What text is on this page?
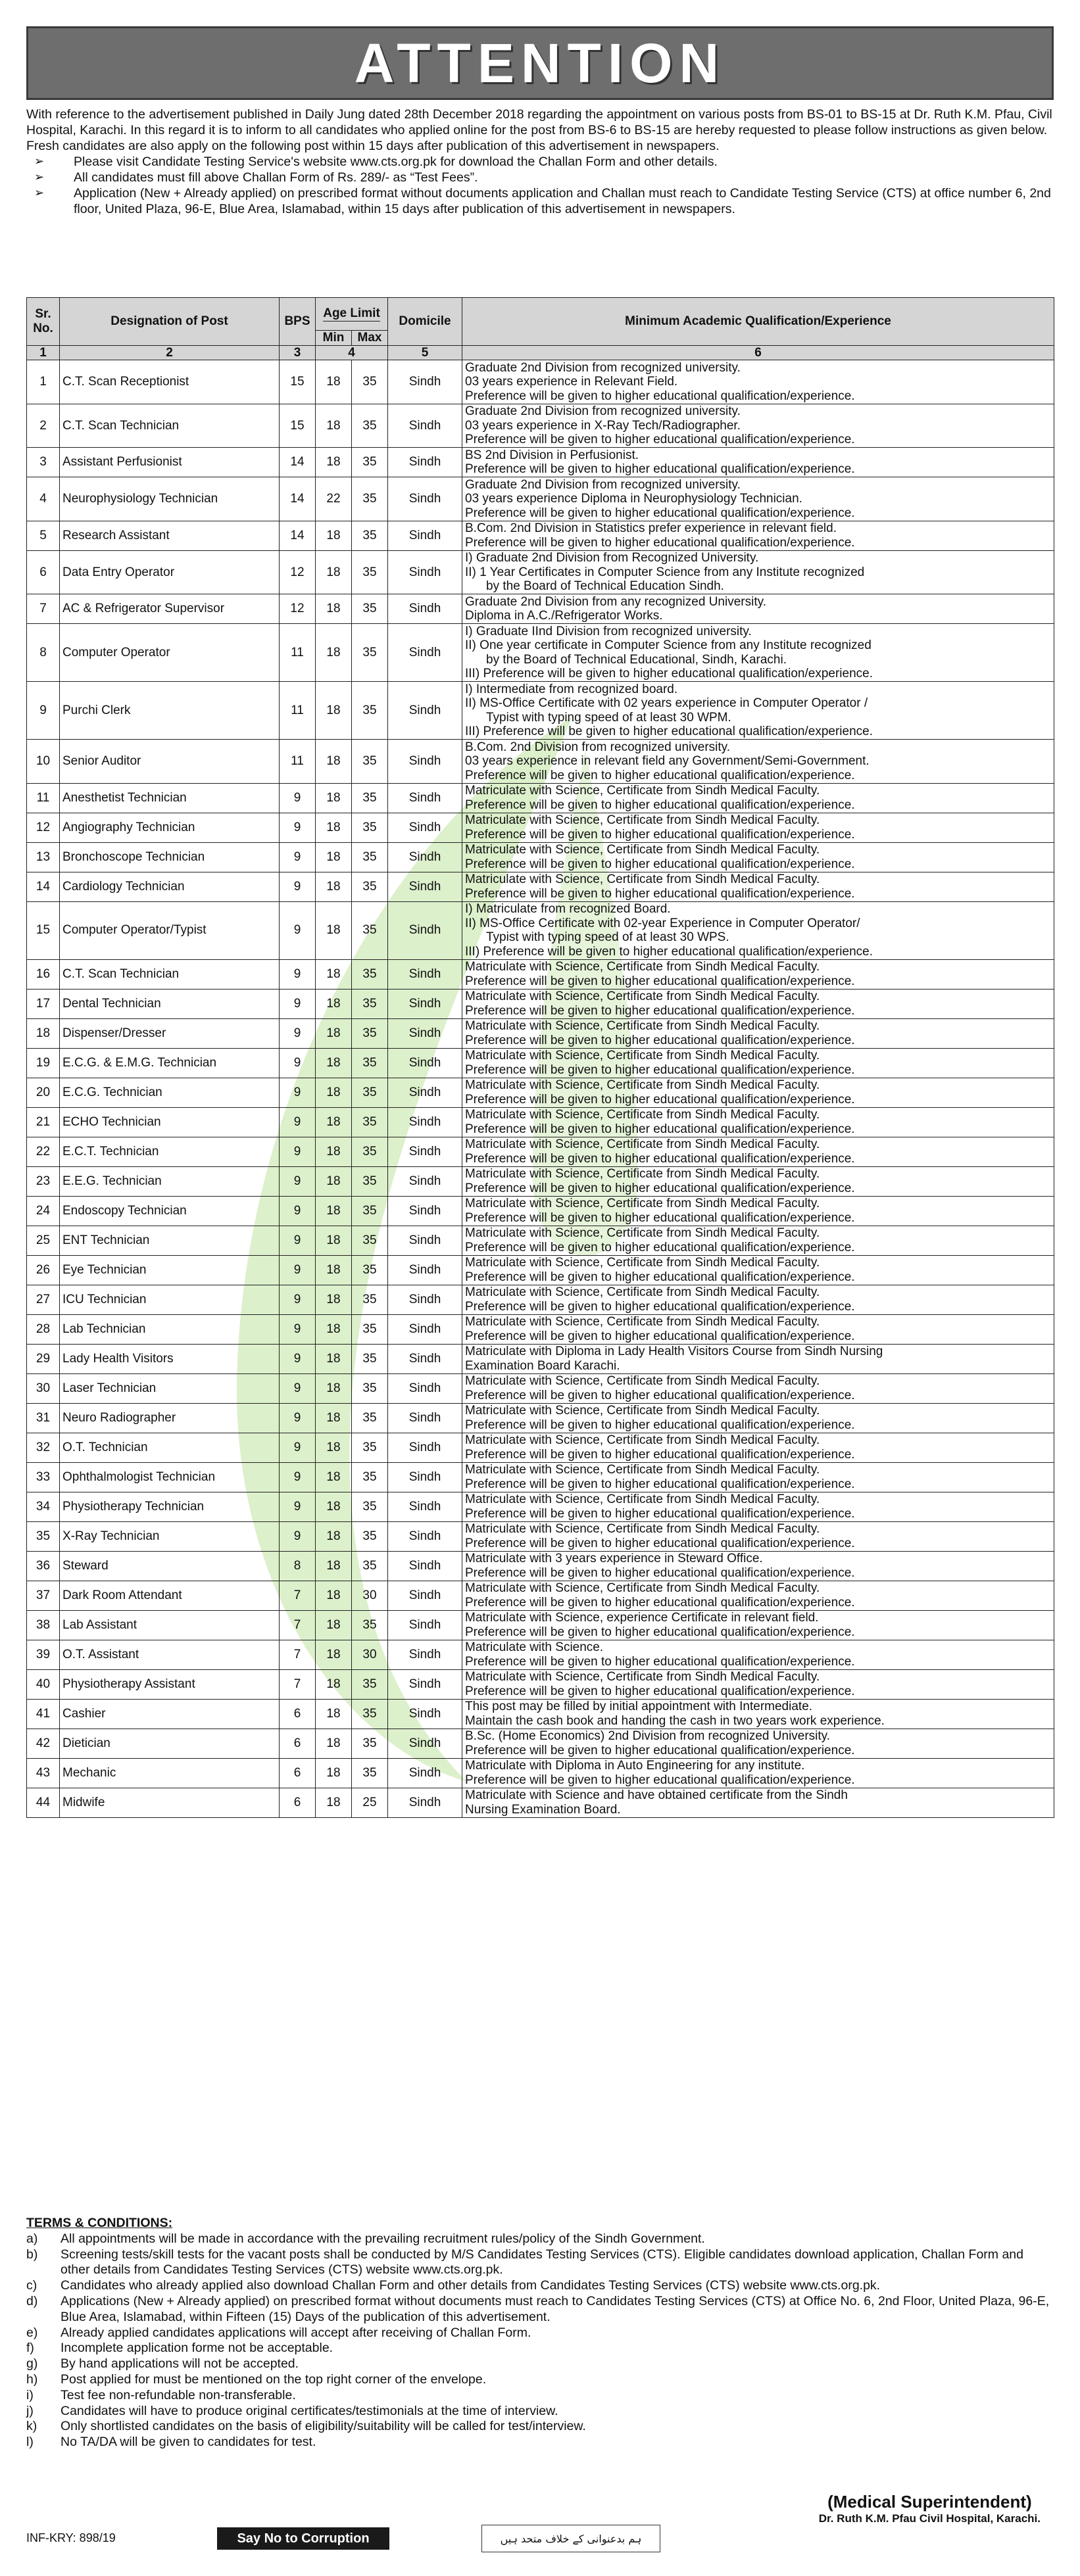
ATTENTION

With reference to the advertisement published in Daily Jung dated 28th December 2018 regarding the appointment on various posts from BS-01 to BS-15 at Dr. Ruth K.M. Pfau, Civil Hospital, Karachi. In this regard it is to inform to all candidates who applied online for the post from BS-6 to BS-15 are hereby requested to please follow instructions as given below. Fresh candidates are also apply on the following post within 15 days after publication of this advertisement in newspapers.

➢ Please visit Candidate Testing Service's website www.cts.org.pk for download the Challan Form and other details.
➢ All candidates must fill above Challan Form of Rs. 289/- as “Test Fees”.
➢ Application (New + Already applied) on prescribed format without documents application and Challan must reach to Candidate Testing Service (CTS) at office number 6, 2nd floor, United Plaza, 96-E, Blue Area, Islamabad, within 15 days after publication of this advertisement in newspapers.
Sr. No.	Designation of Post	BPS	Age Limit		Domicile	Minimum Academic Qualification/Experience
			Min	Max		
1	2	3	4		5	6
1	C.T. Scan Receptionist	15	18	35	Sindh	Graduate 2nd Division from recognized university.
03 years experience in Relevant Field.
Preference will be given to higher educational qualification/experience.

2	C.T. Scan Technician	15	18	35	Sindh	Graduate 2nd Division from recognized university.
03 years experience in X-Ray Tech/Radiographer.
Preference will be given to higher educational qualification/experience.

3	Assistant Perfusionist	14	18	35	Sindh	BS 2nd Division in Perfusionist.
Preference will be given to higher educational qualification/experience.

4	Neurophysiology Technician	14	22	35	Sindh	Graduate 2nd Division from recognized university.
03 years experience Diploma in Neurophysiology Technician.
Preference will be given to higher educational qualification/experience.

5	Research Assistant	14	18	35	Sindh	B.Com. 2nd Division in Statistics prefer experience in relevant field.
Preference will be given to higher educational qualification/experience.

6	Data Entry Operator	12	18	35	Sindh	I) Graduate 2nd Division from Recognized University.
II) 1 Year Certificates in Computer Science from any Institute recognized
by the Board of Technical Education Sindh.

7	AC & Refrigerator Supervisor	12	18	35	Sindh	Graduate 2nd Division from any recognized University.
Diploma in A.C./Refrigerator Works.

8	Computer Operator	11	18	35	Sindh	I) Graduate IInd Division from recognized university.
II) One year certificate in Computer Science from any Institute recognized
by the Board of Technical Educational, Sindh, Karachi.
III) Preference will be given to higher educational qualification/experience.

9	Purchi Clerk	11	18	35	Sindh	I) Intermediate from recognized board.
II) MS-Office Certificate with 02 years experience in Computer Operator /
Typist with typing speed of at least 30 WPM.
III) Preference will be given to higher educational qualification/experience.

10	Senior Auditor	11	18	35	Sindh	B.Com. 2nd Division from recognized university.
03 years experience in relevant field any Government/Semi-Government.
Preference will be given to higher educational qualification/experience.

11	Anesthetist Technician	9	18	35	Sindh	Matriculate with Science, Certificate from Sindh Medical Faculty.
Preference will be given to higher educational qualification/experience.

12	Angiography Technician	9	18	35	Sindh	Matriculate with Science, Certificate from Sindh Medical Faculty.
Preference will be given to higher educational qualification/experience.

13	Bronchoscope Technician	9	18	35	Sindh	Matriculate with Science, Certificate from Sindh Medical Faculty.
Preference will be given to higher educational qualification/experience.

14	Cardiology Technician	9	18	35	Sindh	Matriculate with Science, Certificate from Sindh Medical Faculty.
Preference will be given to higher educational qualification/experience.

15	Computer Operator/Typist	9	18	35	Sindh	I) Matriculate from recognized Board.
II) MS-Office Certificate with 02-year Experience in Computer Operator/
Typist with typing speed of at least 30 WPS.
III) Preference will be given to higher educational qualification/experience.

16	C.T. Scan Technician	9	18	35	Sindh	Matriculate with Science, Certificate from Sindh Medical Faculty.
Preference will be given to higher educational qualification/experience.

17	Dental Technician	9	18	35	Sindh	Matriculate with Science, Certificate from Sindh Medical Faculty.
Preference will be given to higher educational qualification/experience.

18	Dispenser/Dresser	9	18	35	Sindh	Matriculate with Science, Certificate from Sindh Medical Faculty.
Preference will be given to higher educational qualification/experience.

19	E.C.G. & E.M.G. Technician	9	18	35	Sindh	Matriculate with Science, Certificate from Sindh Medical Faculty.
Preference will be given to higher educational qualification/experience.

20	E.C.G. Technician	9	18	35	Sindh	Matriculate with Science, Certificate from Sindh Medical Faculty.
Preference will be given to higher educational qualification/experience.

21	ECHO Technician	9	18	35	Sindh	Matriculate with Science, Certificate from Sindh Medical Faculty.
Preference will be given to higher educational qualification/experience.

22	E.C.T. Technician	9	18	35	Sindh	Matriculate with Science, Certificate from Sindh Medical Faculty.
Preference will be given to higher educational qualification/experience.

23	E.E.G. Technician	9	18	35	Sindh	Matriculate with Science, Certificate from Sindh Medical Faculty.
Preference will be given to higher educational qualification/experience.

24	Endoscopy Technician	9	18	35	Sindh	Matriculate with Science, Certificate from Sindh Medical Faculty.
Preference will be given to higher educational qualification/experience.

25	ENT Technician	9	18	35	Sindh	Matriculate with Science, Certificate from Sindh Medical Faculty.
Preference will be given to higher educational qualification/experience.

26	Eye Technician	9	18	35	Sindh	Matriculate with Science, Certificate from Sindh Medical Faculty.
Preference will be given to higher educational qualification/experience.

27	ICU Technician	9	18	35	Sindh	Matriculate with Science, Certificate from Sindh Medical Faculty.
Preference will be given to higher educational qualification/experience.

28	Lab Technician	9	18	35	Sindh	Matriculate with Science, Certificate from Sindh Medical Faculty.
Preference will be given to higher educational qualification/experience.

29	Lady Health Visitors	9	18	35	Sindh	Matriculate with Diploma in Lady Health Visitors Course from Sindh Nursing
Examination Board Karachi.

30	Laser Technician	9	18	35	Sindh	Matriculate with Science, Certificate from Sindh Medical Faculty.
Preference will be given to higher educational qualification/experience.

31	Neuro Radiographer	9	18	35	Sindh	Matriculate with Science, Certificate from Sindh Medical Faculty.
Preference will be given to higher educational qualification/experience.

32	O.T. Technician	9	18	35	Sindh	Matriculate with Science, Certificate from Sindh Medical Faculty.
Preference will be given to higher educational qualification/experience.

33	Ophthalmologist Technician	9	18	35	Sindh	Matriculate with Science, Certificate from Sindh Medical Faculty.
Preference will be given to higher educational qualification/experience.

34	Physiotherapy Technician	9	18	35	Sindh	Matriculate with Science, Certificate from Sindh Medical Faculty.
Preference will be given to higher educational qualification/experience.

35	X-Ray Technician	9	18	35	Sindh	Matriculate with Science, Certificate from Sindh Medical Faculty.
Preference will be given to higher educational qualification/experience.

36	Steward	8	18	35	Sindh	Matriculate with 3 years experience in Steward Office.
Preference will be given to higher educational qualification/experience.

37	Dark Room Attendant	7	18	30	Sindh	Matriculate with Science, Certificate from Sindh Medical Faculty.
Preference will be given to higher educational qualification/experience.

38	Lab Assistant	7	18	35	Sindh	Matriculate with Science, experience Certificate in relevant field.
Preference will be given to higher educational qualification/experience.

39	O.T. Assistant	7	18	30	Sindh	Matriculate with Science.
Preference will be given to higher educational qualification/experience.

40	Physiotherapy Assistant	7	18	35	Sindh	Matriculate with Science, Certificate from Sindh Medical Faculty.
Preference will be given to higher educational qualification/experience.

41	Cashier	6	18	35	Sindh	This post may be filled by initial appointment with Intermediate.
Maintain the cash book and handing the cash in two years work experience.

42	Dietician	6	18	35	Sindh	B.Sc. (Home Economics) 2nd Division from recognized University.
Preference will be given to higher educational qualification/experience.

43	Mechanic	6	18	35	Sindh	Matriculate with Diploma in Auto Engineering for any institute.
Preference will be given to higher educational qualification/experience.

44	Midwife	6	18	25	Sindh	Matriculate with Science and have obtained certificate from the Sindh
Nursing Examination Board.
TERMS & CONDITIONS:
a) All appointments will be made in accordance with the prevailing recruitment rules/policy of the Sindh Government.
b) Screening tests/skill tests for the vacant posts shall be conducted by M/S Candidates Testing Services (CTS). Eligible candidates download application, Challan Form and other details from Candidates Testing Services (CTS) website www.cts.org.pk.
c) Candidates who already applied also download Challan Form and other details from Candidates Testing Services (CTS) website www.cts.org.pk.
d) Applications (New + Already applied) on prescribed format without documents must reach to Candidates Testing Services (CTS) at Office No. 6, 2nd Floor, United Plaza, 96-E, Blue Area, Islamabad, within Fifteen (15) Days of the publication of this advertisement.
e) Already applied candidates applications will accept after receiving of Challan Form.
f) Incomplete application forme not be acceptable.
g) By hand applications will not be accepted.
h) Post applied for must be mentioned on the top right corner of the envelope.
i) Test fee non-refundable non-transferable.
j) Candidates will have to produce original certificates/testimonials at the time of interview.
k) Only shortlisted candidates on the basis of eligibility/suitability will be called for test/interview.
l) No TA/DA will be given to candidates for test.
INF-KRY: 898/19	Say No to Corruption	ہم بدعنوانی کے خلاف متحد ہیں
(Medical Superintendent)
Dr. Ruth K.M. Pfau Civil Hospital, Karachi.
